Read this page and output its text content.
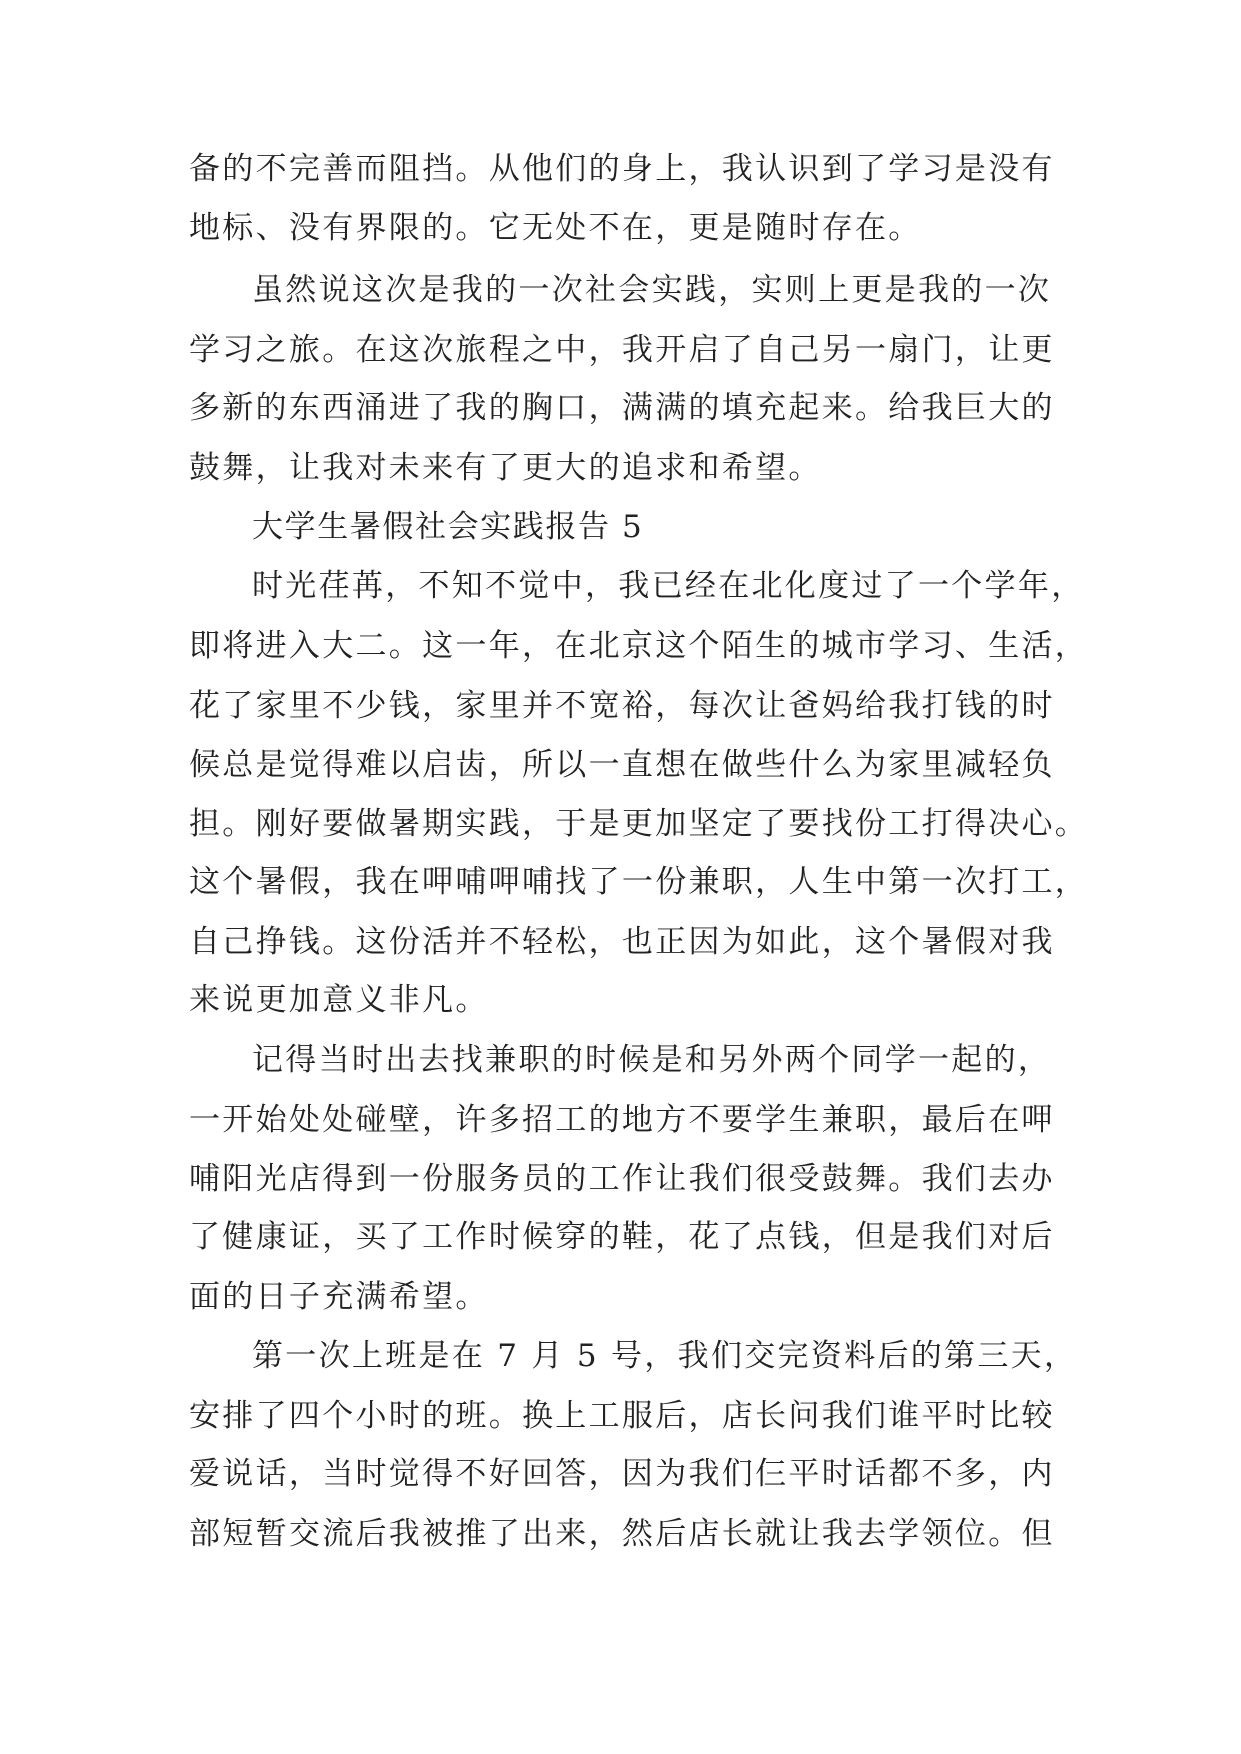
备的不完善而阻挡。从他们的身上，我认识到了学习是没有
地标、没有界限的。它无处不在，更是随时存在。
虽然说这次是我的一次社会实践，实则上更是我的一次
学习之旅。在这次旅程之中，我开启了自己另一扇门，让更
多新的东西涌进了我的胸口，满满的填充起来。给我巨大的
鼓舞，让我对未来有了更大的追求和希望。
大学生暑假社会实践报告 5
时光荏苒，不知不觉中，我已经在北化度过了一个学年，
即将进入大二。这一年，在北京这个陌生的城市学习、生活，
花了家里不少钱，家里并不宽裕，每次让爸妈给我打钱的时
候总是觉得难以启齿，所以一直想在做些什么为家里减轻负
担。刚好要做暑期实践，于是更加坚定了要找份工打得决心。
这个暑假，我在呷哺呷哺找了一份兼职，人生中第一次打工，
自己挣钱。这份活并不轻松，也正因为如此，这个暑假对我
来说更加意义非凡。
记得当时出去找兼职的时候是和另外两个同学一起的，
一开始处处碰壁，许多招工的地方不要学生兼职，最后在呷
哺阳光店得到一份服务员的工作让我们很受鼓舞。我们去办
了健康证，买了工作时候穿的鞋，花了点钱，但是我们对后
面的日子充满希望。
第一次上班是在 7 月 5 号，我们交完资料后的第三天，
安排了四个小时的班。换上工服后，店长问我们谁平时比较
爱说话，当时觉得不好回答，因为我们仨平时话都不多，内
部短暂交流后我被推了出来，然后店长就让我去学领位。但
